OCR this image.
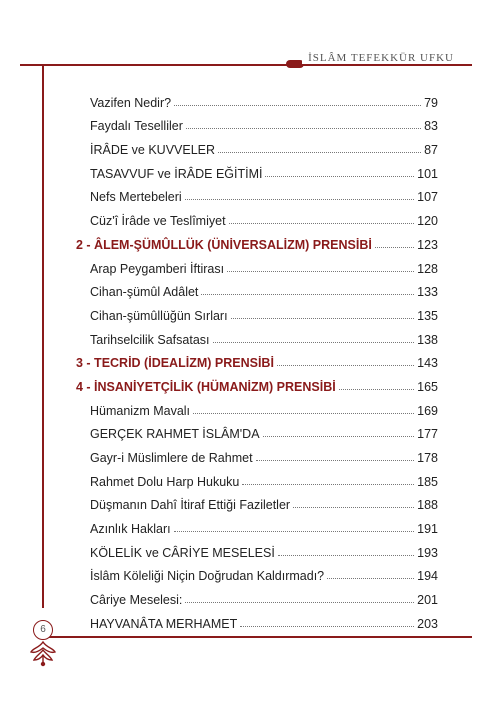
İSLÂM TEFEKKÜR UFKU
6
Vazifen Nedir?	79
Faydalı Teselliler	83
İRÂDE ve KUVVELER	87
TASAVVUF ve İRÂDE EĞİTİMİ	101
Nefs Mertebeleri	107
Cüz'î İrâde ve Teslîmiyet	120
2 - ÂLEM-ŞÜMÛLLÜK (ÜNİVERSALİZM) PRENSİBİ	123
Arap Peygamberi İftirası	128
Cihan-şümûl Adâlet	133
Cihan-şümûllüğün Sırları	135
Tarihselcilik Safsatası	138
3 - TECRİD (İDEALİZM) PRENSİBİ	143
4 - İNSANİYETÇİLİK (HÜMANİZM) PRENSİBİ	165
Hümanizm Mavalı	169
GERÇEK RAHMET İSLÂM'DA	177
Gayr-i Müslimlere de Rahmet	178
Rahmet Dolu Harp Hukuku	185
Düşmanın Dahî İtiraf Ettiği Faziletler	188
Azınlık Hakları	191
KÖLELİK ve CÂRİYE MESELESİ	193
İslâm Köleliği Niçin Doğrudan Kaldırmadı?	194
Câriye Meselesi:	201
HAYVANÂTA MERHAMET	203
